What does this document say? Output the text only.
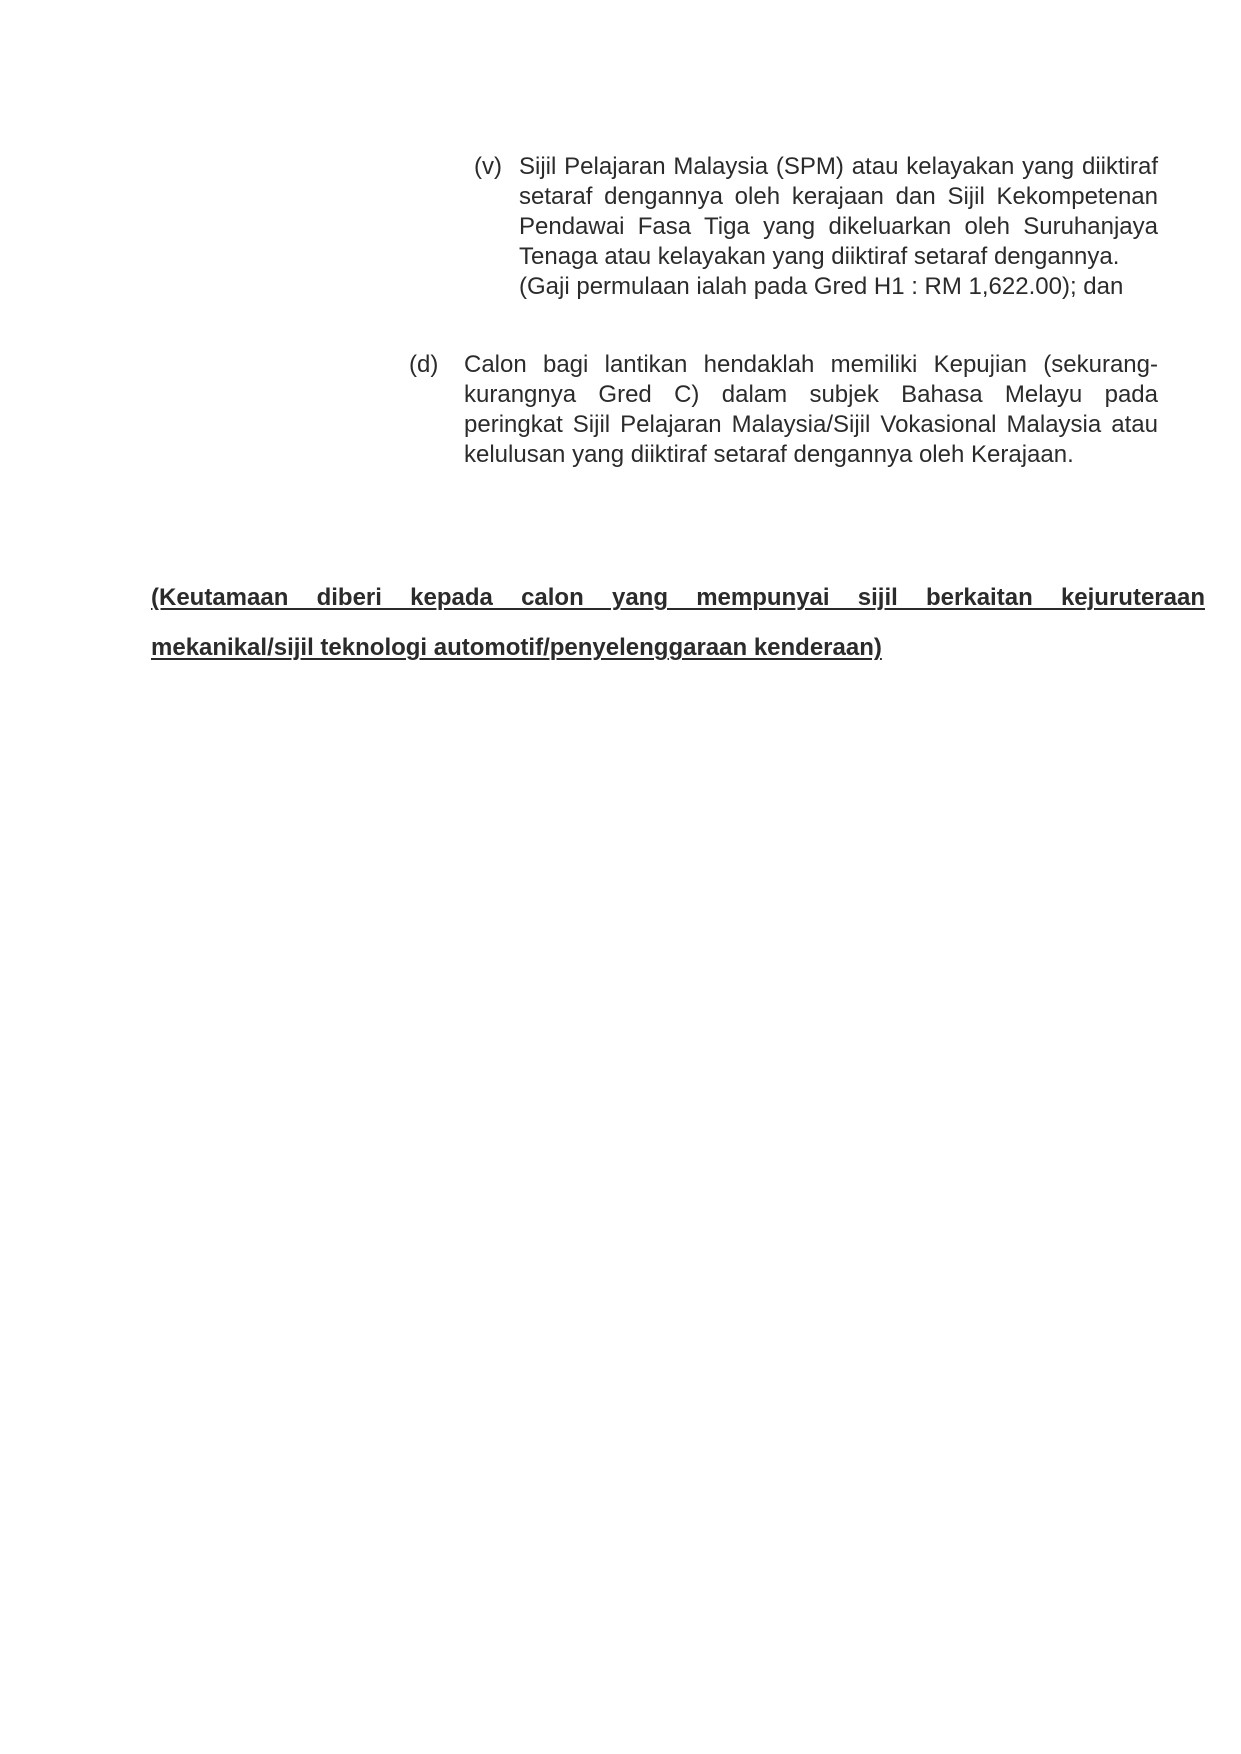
(v) Sijil Pelajaran Malaysia (SPM) atau kelayakan yang diiktiraf
setaraf dengannya oleh kerajaan dan Sijil Kekompetenan
Pendawai Fasa Tiga yang dikeluarkan oleh Suruhanjaya
Tenaga atau kelayakan yang diiktiraf setaraf dengannya.
(Gaji permulaan ialah pada Gred H1 : RM 1,622.00); dan
(d) Calon bagi lantikan hendaklah memiliki Kepujian (sekurang-
kurangnya Gred C) dalam subjek Bahasa Melayu pada
peringkat Sijil Pelajaran Malaysia/Sijil Vokasional Malaysia atau
kelulusan yang diiktiraf setaraf dengannya oleh Kerajaan.
(Keutamaan diberi kepada calon yang mempunyai sijil berkaitan kejuruteraan
mekanikal/sijil teknologi automotif/penyelenggaraan kenderaan)
